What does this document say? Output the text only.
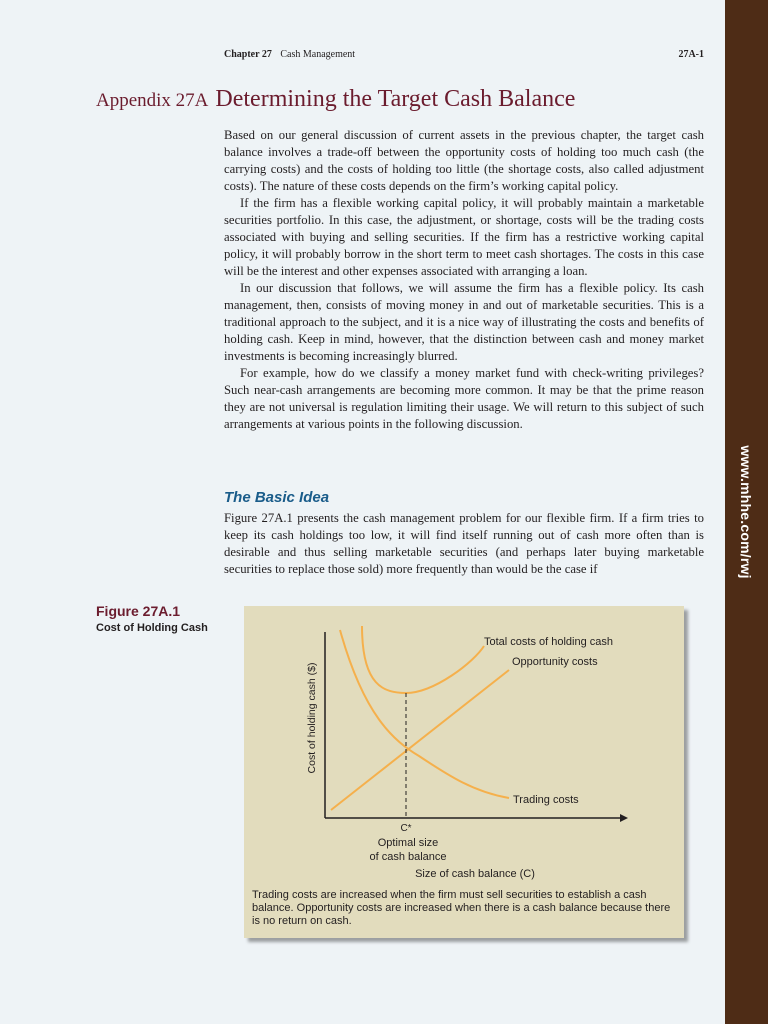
www.mhhe.com/rwj
Chapter 27 Cash Management	27A-1
Appendix 27A Determining the Target Cash Balance

Based on our general discussion of current assets in the previous chapter, the target cash balance involves a trade-off between the opportunity costs of holding too much cash (the carrying costs) and the costs of holding too little (the shortage costs, also called adjustment costs). The nature of these costs depends on the firm’s working capital policy.

If the firm has a flexible working capital policy, it will probably maintain a marketable securities portfolio. In this case, the adjustment, or shortage, costs will be the trading costs associated with buying and selling securities. If the firm has a restrictive working capital policy, it will probably borrow in the short term to meet cash shortages. The costs in this case will be the interest and other expenses associated with arranging a loan.

In our discussion that follows, we will assume the firm has a flexible policy. Its cash management, then, consists of moving money in and out of marketable securities. This is a traditional approach to the subject, and it is a nice way of illustrating the costs and benefits of holding cash. Keep in mind, however, that the distinction between cash and money market investments is becoming increasingly blurred.

For example, how do we classify a money market fund with check-writing privileges? Such near-cash arrangements are becoming more common. It may be that the prime reason they are not universal is regulation limiting their usage. We will return to this subject of such arrangements at various points in the following discussion.

The Basic Idea

Figure 27A.1 presents the cash management problem for our flexible firm. If a firm tries to keep its cash holdings too low, it will find itself running out of cash more often than is desirable and thus selling marketable securities (and perhaps later buying marketable securities to replace those sold) more frequently than would be the case if

Figure 27A.1
Cost of Holding Cash
Cost of holding cash ($)
Total costs of holding cash
Opportunity costs
Trading costs
C*
Optimal size
of cash balance
Size of cash balance (C)
Trading costs are increased when the firm must sell securities to establish a cash balance. Opportunity costs are increased when there is a cash balance because there is no return on cash.
